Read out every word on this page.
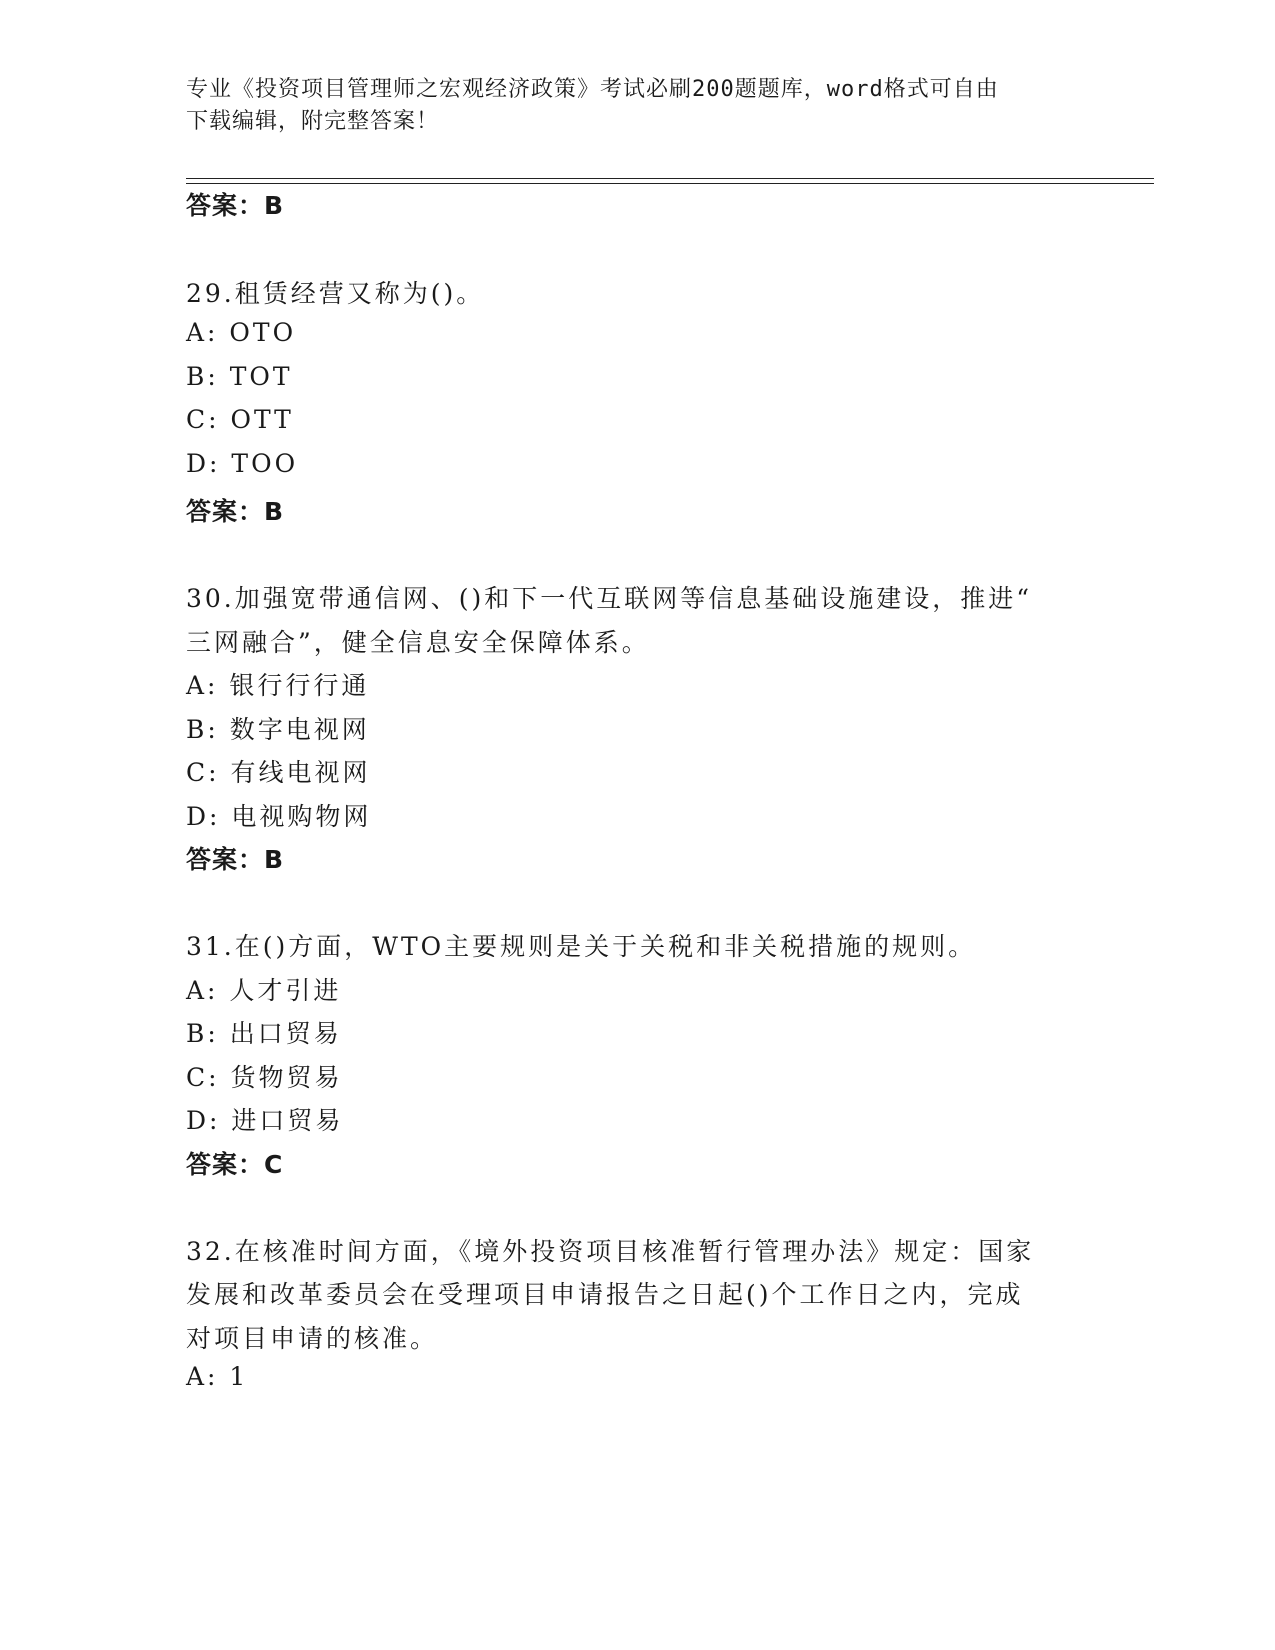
专业《投资项目管理师之宏观经济政策》考试必刷200题题库，word格式可自由
下载编辑，附完整答案！
答案：B
29.租赁经营又称为()。
A: OTO
B: TOT
C: OTT
D: TOO
答案：B
30.加强宽带通信网、()和下一代互联网等信息基础设施建设，推进“
三网融合”，健全信息安全保障体系。
A: 银行行行通
B: 数字电视网
C: 有线电视网
D: 电视购物网
答案：B
31.在()方面，WTO主要规则是关于关税和非关税措施的规则。
A: 人才引进
B: 出口贸易
C: 货物贸易
D: 进口贸易
答案：C
32.在核准时间方面，《境外投资项目核准暂行管理办法》规定：国家
发展和改革委员会在受理项目申请报告之日起()个工作日之内，完成
对项目申请的核准。
A: 1
